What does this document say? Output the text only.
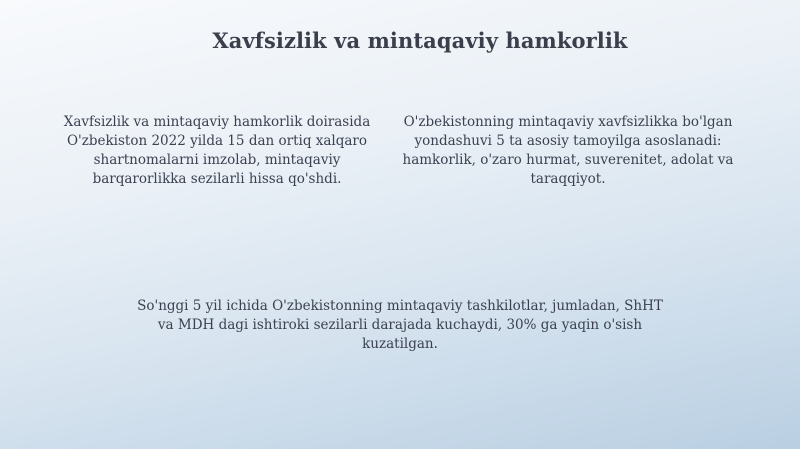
Xavfsizlik va mintaqaviy hamkorlik
Xavfsizlik va mintaqaviy hamkorlik doirasida O'zbekiston 2022 yilda 15 dan ortiq xalqaro shartnomalarni imzolab, mintaqaviy barqarorlikka sezilarli hissa qo'shdi.
O'zbekistonning mintaqaviy xavfsizlikka bo'lgan yondashuvi 5 ta asosiy tamoyilga asoslanadi: hamkorlik, o'zaro hurmat, suverenitet, adolat va taraqqiyot.
So'nggi 5 yil ichida O'zbekistonning mintaqaviy tashkilotlar, jumladan, ShHT va MDH dagi ishtiroki sezilarli darajada kuchaydi, 30% ga yaqin o'sish kuzatilgan.
